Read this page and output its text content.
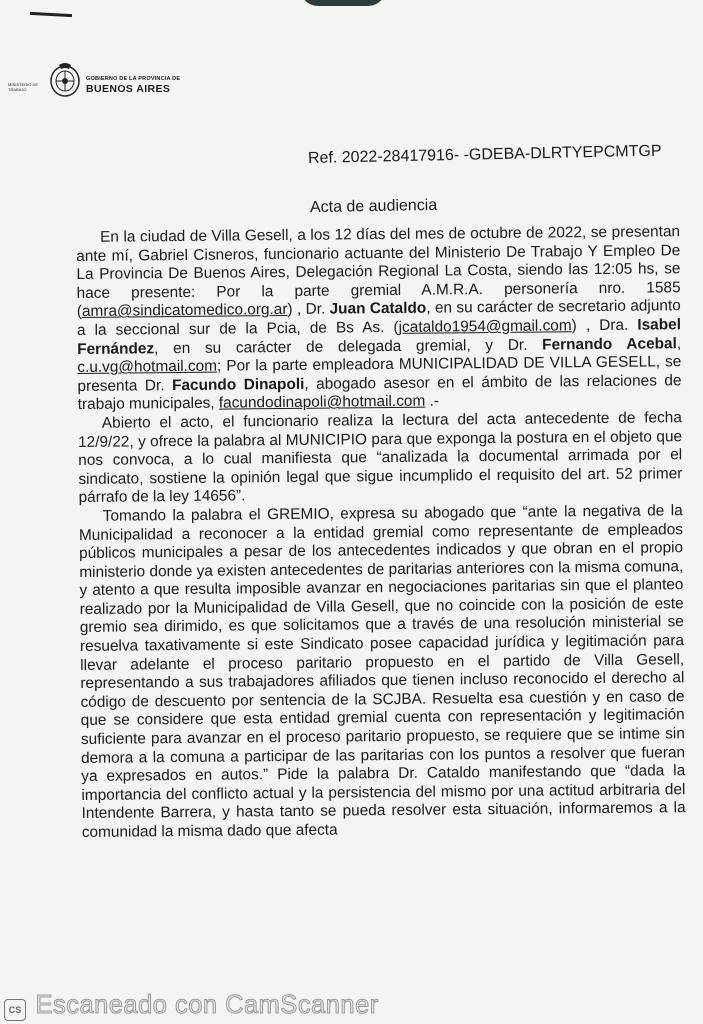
MINISTERIO DE TRABAJO
GOBIERNO DE LA PROVINCIA DE
BUENOS AIRES
Ref. 2022-28417916- -GDEBA-DLRTYEPCMTGP
Acta de audiencia

En la ciudad de Villa Gesell, a los 12 días del mes de octubre de 2022, se presentan ante mí, Gabriel Cisneros, funcionario actuante del Ministerio De Trabajo Y Empleo De La Provincia De Buenos Aires, Delegación Regional La Costa, siendo las 12:05 hs, se hace presente: Por la parte gremial A.M.R.A. personería nro. 1585 (amra@sindicatomedico.org.ar) , Dr. Juan Cataldo, en su carácter de secretario adjunto a la seccional sur de la Pcia, de Bs As. (jcataldo1954@gmail.com) , Dra. Isabel Fernández, en su carácter de delegada gremial, y Dr. Fernando Acebal, c.u.vg@hotmail.com; Por la parte empleadora MUNICIPALIDAD DE VILLA GESELL, se presenta Dr. Facundo Dinapoli, abogado asesor en el ámbito de las relaciones de trabajo municipales, facundodinapoli@hotmail.com .-

Abierto el acto, el funcionario realiza la lectura del acta antecedente de fecha 12/9/22, y ofrece la palabra al MUNICIPIO para que exponga la postura en el objeto que nos convoca, a lo cual manifiesta que “analizada la documental arrimada por el sindicato, sostiene la opinión legal que sigue incumplido el requisito del art. 52 primer párrafo de la ley 14656”.

Tomando la palabra el GREMIO, expresa su abogado que “ante la negativa de la Municipalidad a reconocer a la entidad gremial como representante de empleados públicos municipales a pesar de los antecedentes indicados y que obran en el propio ministerio donde ya existen antecedentes de paritarias anteriores con la misma comuna, y atento a que resulta imposible avanzar en negociaciones paritarias sin que el planteo realizado por la Municipalidad de Villa Gesell, que no coincide con la posición de este gremio sea dirimido, es que solicitamos que a través de una resolución ministerial se resuelva taxativamente si este Sindicato posee capacidad jurídica y legitimación para llevar adelante el proceso paritario propuesto en el partido de Villa Gesell, representando a sus trabajadores afiliados que tienen incluso reconocido el derecho al código de descuento por sentencia de la SCJBA. Resuelta esa cuestión y en caso de que se considere que esta entidad gremial cuenta con representación y legitimación suficiente para avanzar en el proceso paritario propuesto, se requiere que se intime sin demora a la comuna a participar de las paritarias con los puntos a resolver que fueran ya expresados en autos.” Pide la palabra Dr. Cataldo manifestando que “dada la importancia del conflicto actual y la persistencia del mismo por una actitud arbitraria del Intendente Barrera, y hasta tanto se pueda resolver esta situación, informaremos a la comunidad la misma dado que afecta

CS Escaneado con CamScanner
